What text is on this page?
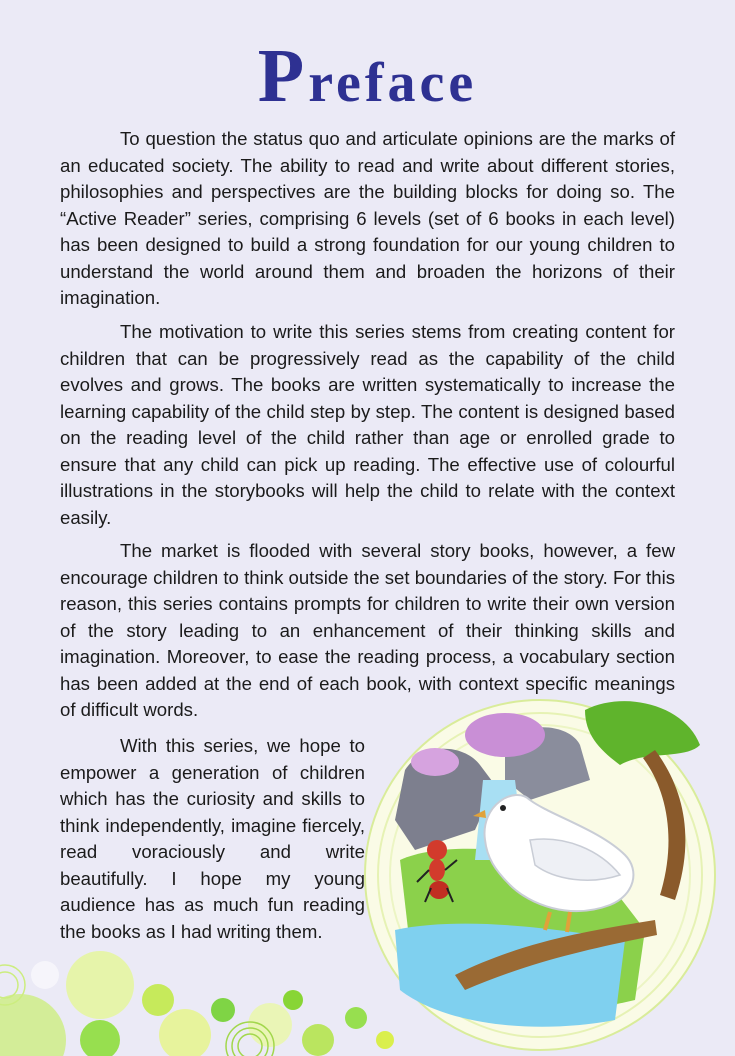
Preface

To question the status quo and articulate opinions are the marks of an educated society. The ability to read and write about different stories, philosophies and perspectives are the building blocks for doing so. The “Active Reader” series, comprising 6 levels (set of 6 books in each level) has been designed to build a strong foundation for our young children to understand the world around them and broaden the horizons of their imagination.

The motivation to write this series stems from creating content for children that can be progressively read as the capability of the child evolves and grows. The books are written systematically to increase the learning capability of the child step by step. The content is designed based on the reading level of the child rather than age or enrolled grade to ensure that any child can pick up reading. The effective use of colourful illustrations in the storybooks will help the child to relate with the context easily.

The market is flooded with several story books, however, a few encourage children to think outside the set boundaries of the story. For this reason, this series contains prompts for children to write their own version of the story leading to an enhancement of their thinking skills and imagination. Moreover, to ease the reading process, a vocabulary section has been added at the end of each book, with context specific meanings of difficult words.

With this series, we hope to empower a generation of children which has the curiosity and skills to think independently, imagine fiercely, read voraciously and write beautifully. I hope my young audience has as much fun reading the books as I had writing them.
